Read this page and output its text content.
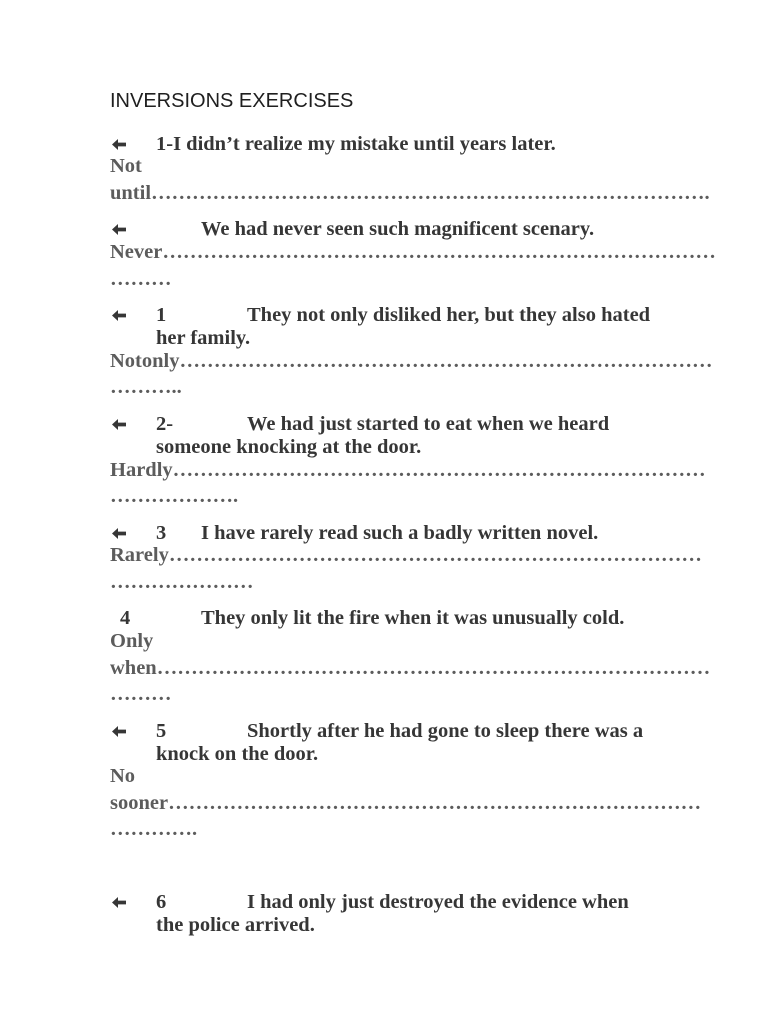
INVERSIONS EXERCISES
1-I didn’t realize my mistake until years later.
Not
until……………………………………………………………………….
We had never seen such magnificent scenary.
Never………………………………………………………………………
………
1	They not only disliked her, but they also hated
her family.
Notonly……………………………………………………………………
………..
2-	We had just started to eat when we heard
someone knocking at the door.
Hardly……………………………………………………………………
……………….
3 I have rarely read such a badly written novel.
Rarely……………………………………………………………………
…………………
4	They only lit the fire when it was unusually cold.
Only
when………………………………………………………………………
………
5	Shortly after he had gone to sleep there was a
knock on the door.
No
sooner……………………………………………………………………
………….
6	I had only just destroyed the evidence when
the police arrived.
